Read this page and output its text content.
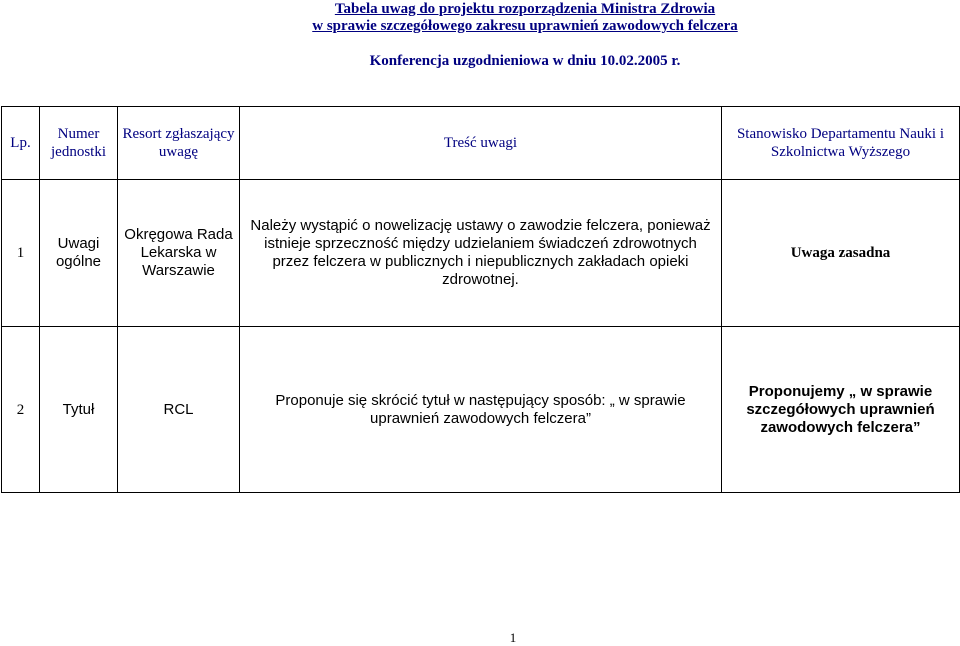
Tabela uwag do projektu rozporządzenia Ministra Zdrowia
w sprawie szczegółowego zakresu uprawnień zawodowych felczera
Konferencja uzgodnieniowa w dniu 10.02.2005 r.
Lp.	Numer jednostki	Resort zgłaszający uwagę	Treść uwagi	Stanowisko Departamentu Nauki i Szkolnictwa Wyższego
1	Uwagi ogólne	Okręgowa Rada Lekarska w Warszawie	Należy wystąpić o nowelizację ustawy o zawodzie felczera, ponieważ istnieje sprzeczność między udzielaniem świadczeń zdrowotnych przez felczera w publicznych i niepublicznych zakładach opieki zdrowotnej.	Uwaga zasadna
2	Tytuł	RCL	Proponuje się skrócić tytuł w następujący sposób: „ w sprawie uprawnień zawodowych felczera”	Proponujemy „ w sprawie szczegółowych uprawnień zawodowych felczera”
1
